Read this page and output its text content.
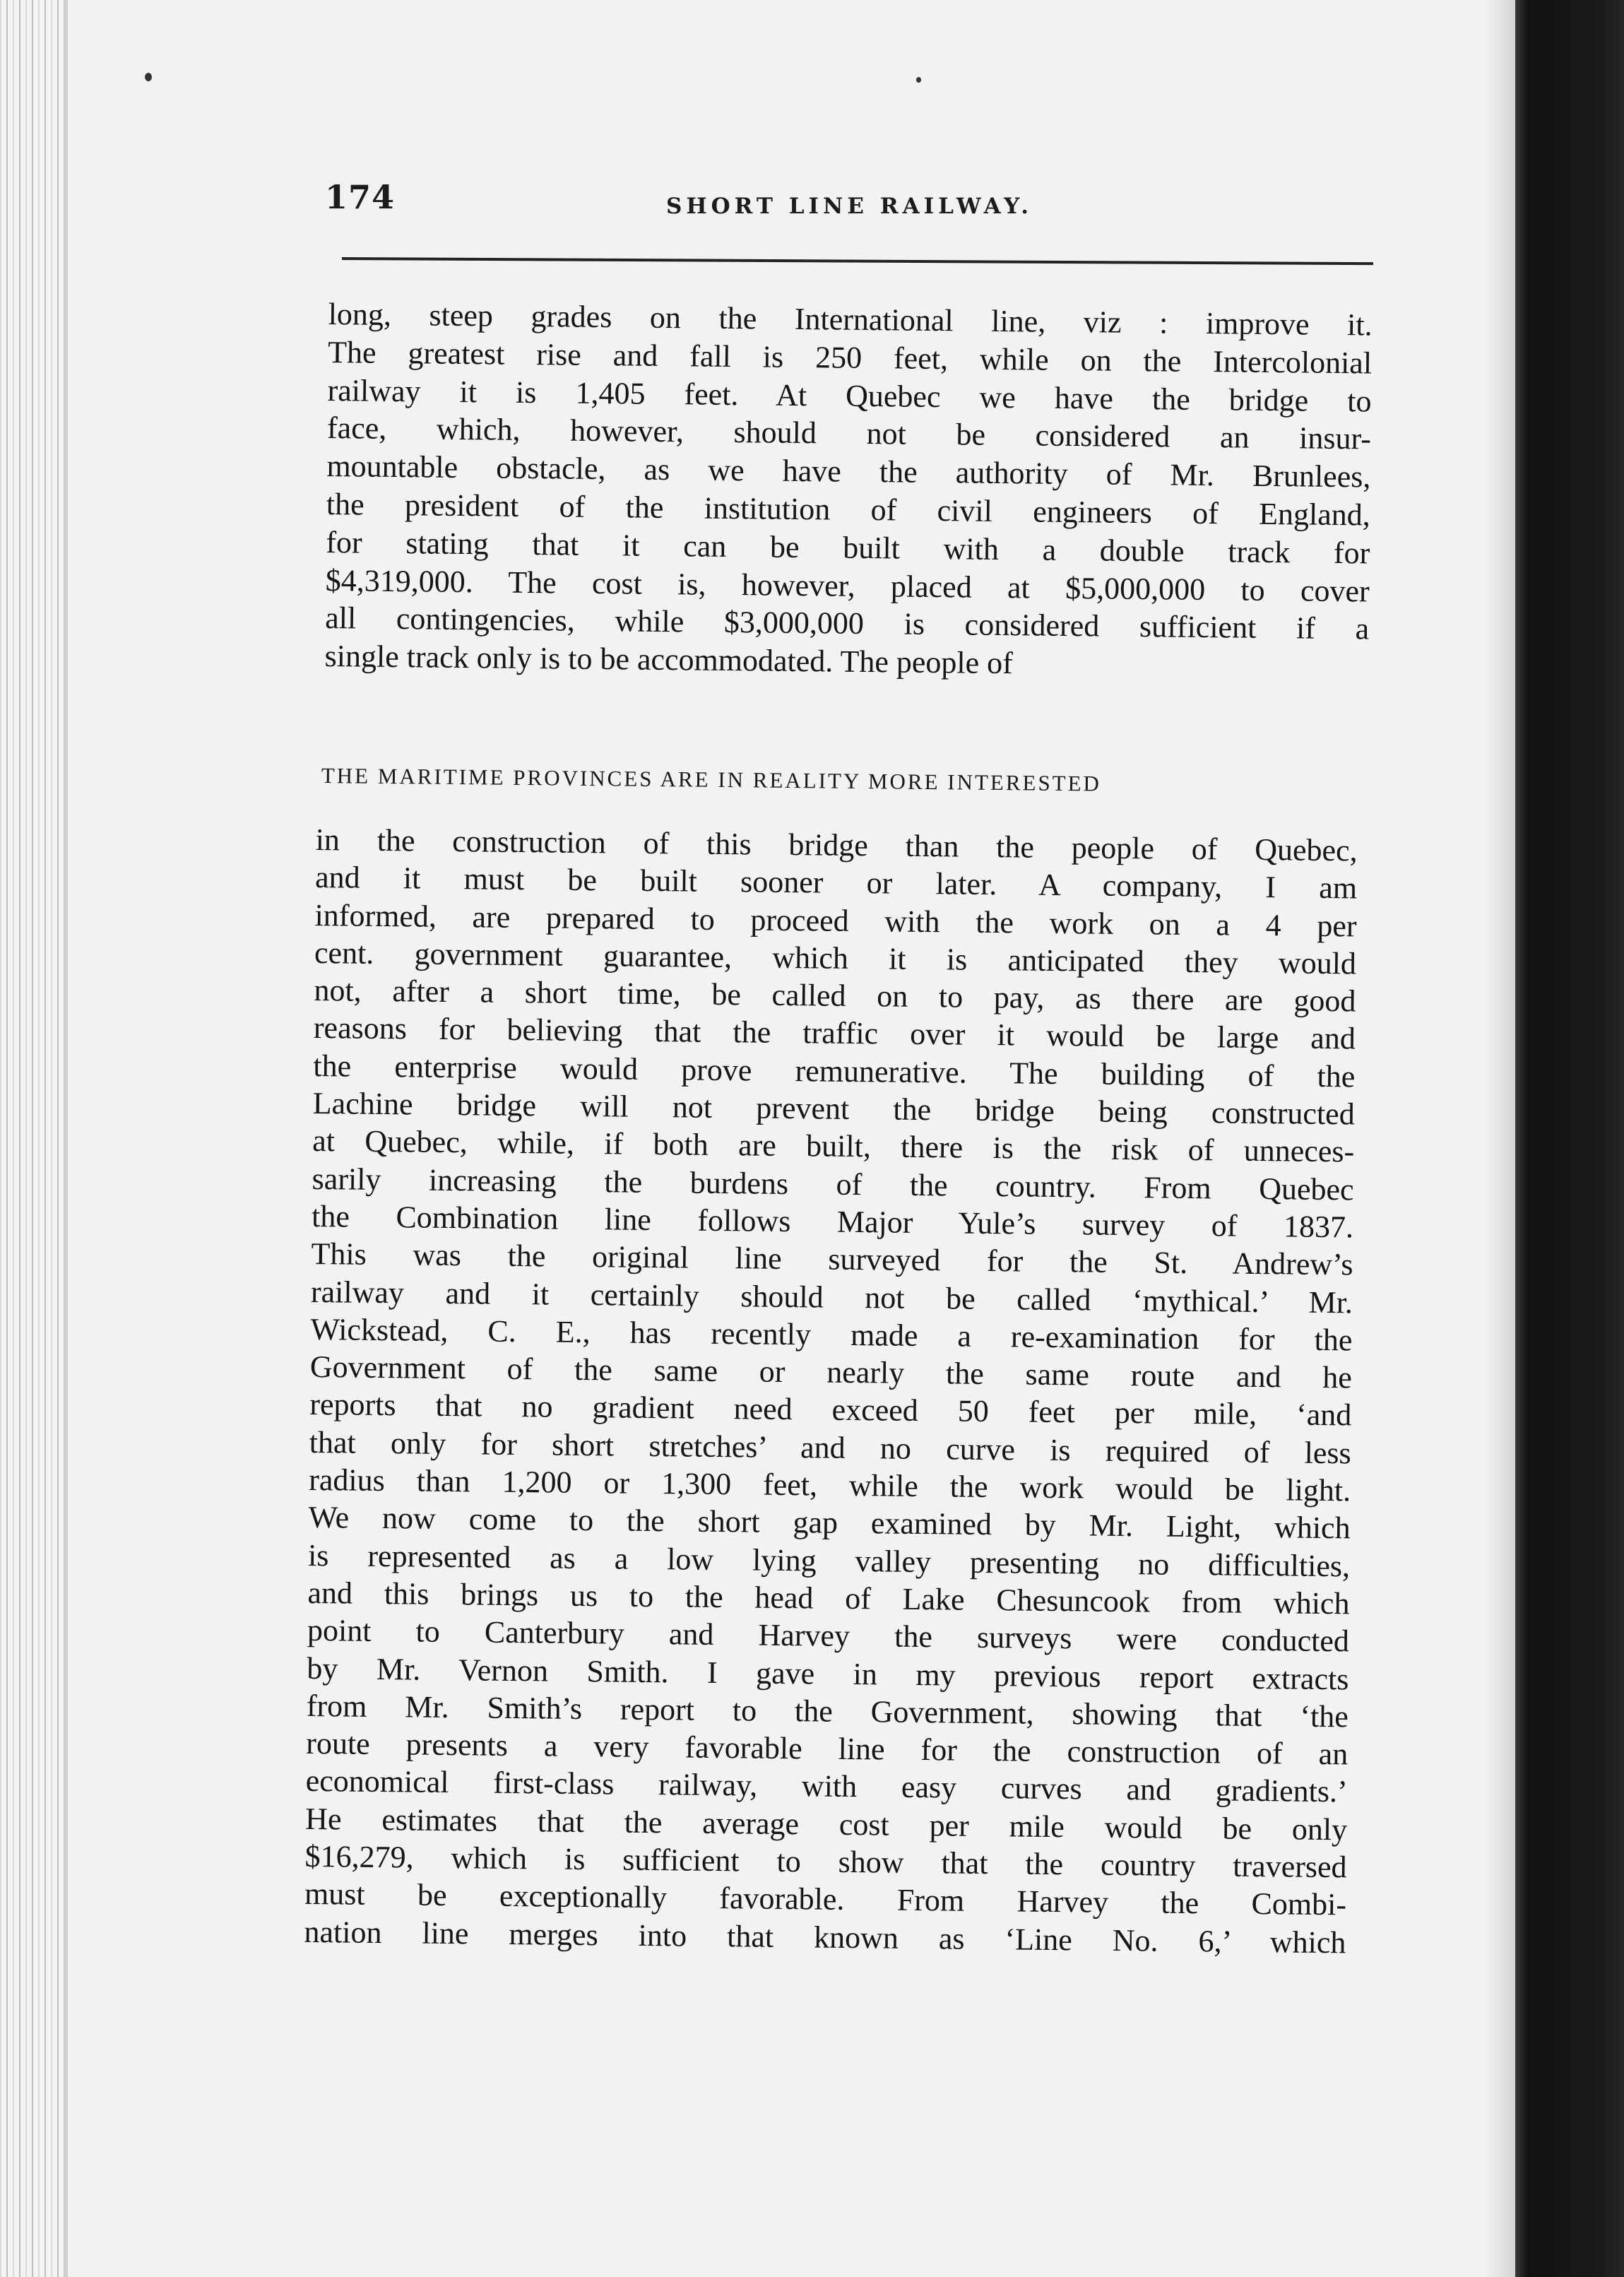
174	SHORT LINE RAILWAY.
long, steep grades on the International line, viz : improve it.
The greatest rise and fall is 250 feet, while on the Intercolonial
railway it is 1,405 feet. At Quebec we have the bridge to
face, which, however, should not be considered an insur-
mountable obstacle, as we have the authority of Mr. Brunlees,
the president of the institution of civil engineers of England,
for stating that it can be built with a double track for
$4,319,000. The cost is, however, placed at $5,000,000 to cover
all contingencies, while $3,000,000 is considered sufficient if a
single track only is to be accommodated. The people of
THE MARITIME PROVINCES ARE IN REALITY MORE INTERESTED
in the construction of this bridge than the people of Quebec,
and it must be built sooner or later. A company, I am
informed, are prepared to proceed with the work on a 4 per
cent. government guarantee, which it is anticipated they would
not, after a short time, be called on to pay, as there are good
reasons for believing that the traffic over it would be large and
the enterprise would prove remunerative. The building of the
Lachine bridge will not prevent the bridge being constructed
at Quebec, while, if both are built, there is the risk of unneces-
sarily increasing the burdens of the country. From Quebec
the Combination line follows Major Yule’s survey of 1837.
This was the original line surveyed for the St. Andrew’s
railway and it certainly should not be called ‘mythical.’ Mr.
Wickstead, C. E., has recently made a re-examination for the
Government of the same or nearly the same route and he
reports that no gradient need exceed 50 feet per mile, ‘and
that only for short stretches’ and no curve is required of less
radius than 1,200 or 1,300 feet, while the work would be light.
We now come to the short gap examined by Mr. Light, which
is represented as a low lying valley presenting no difficulties,
and this brings us to the head of Lake Chesuncook from which
point to Canterbury and Harvey the surveys were conducted
by Mr. Vernon Smith. I gave in my previous report extracts
from Mr. Smith’s report to the Government, showing that ‘the
route presents a very favorable line for the construction of an
economical first-class railway, with easy curves and gradients.’
He estimates that the average cost per mile would be only
$16,279, which is sufficient to show that the country traversed
must be exceptionally favorable. From Harvey the Combi-
nation line merges into that known as ‘Line No. 6,’ which
